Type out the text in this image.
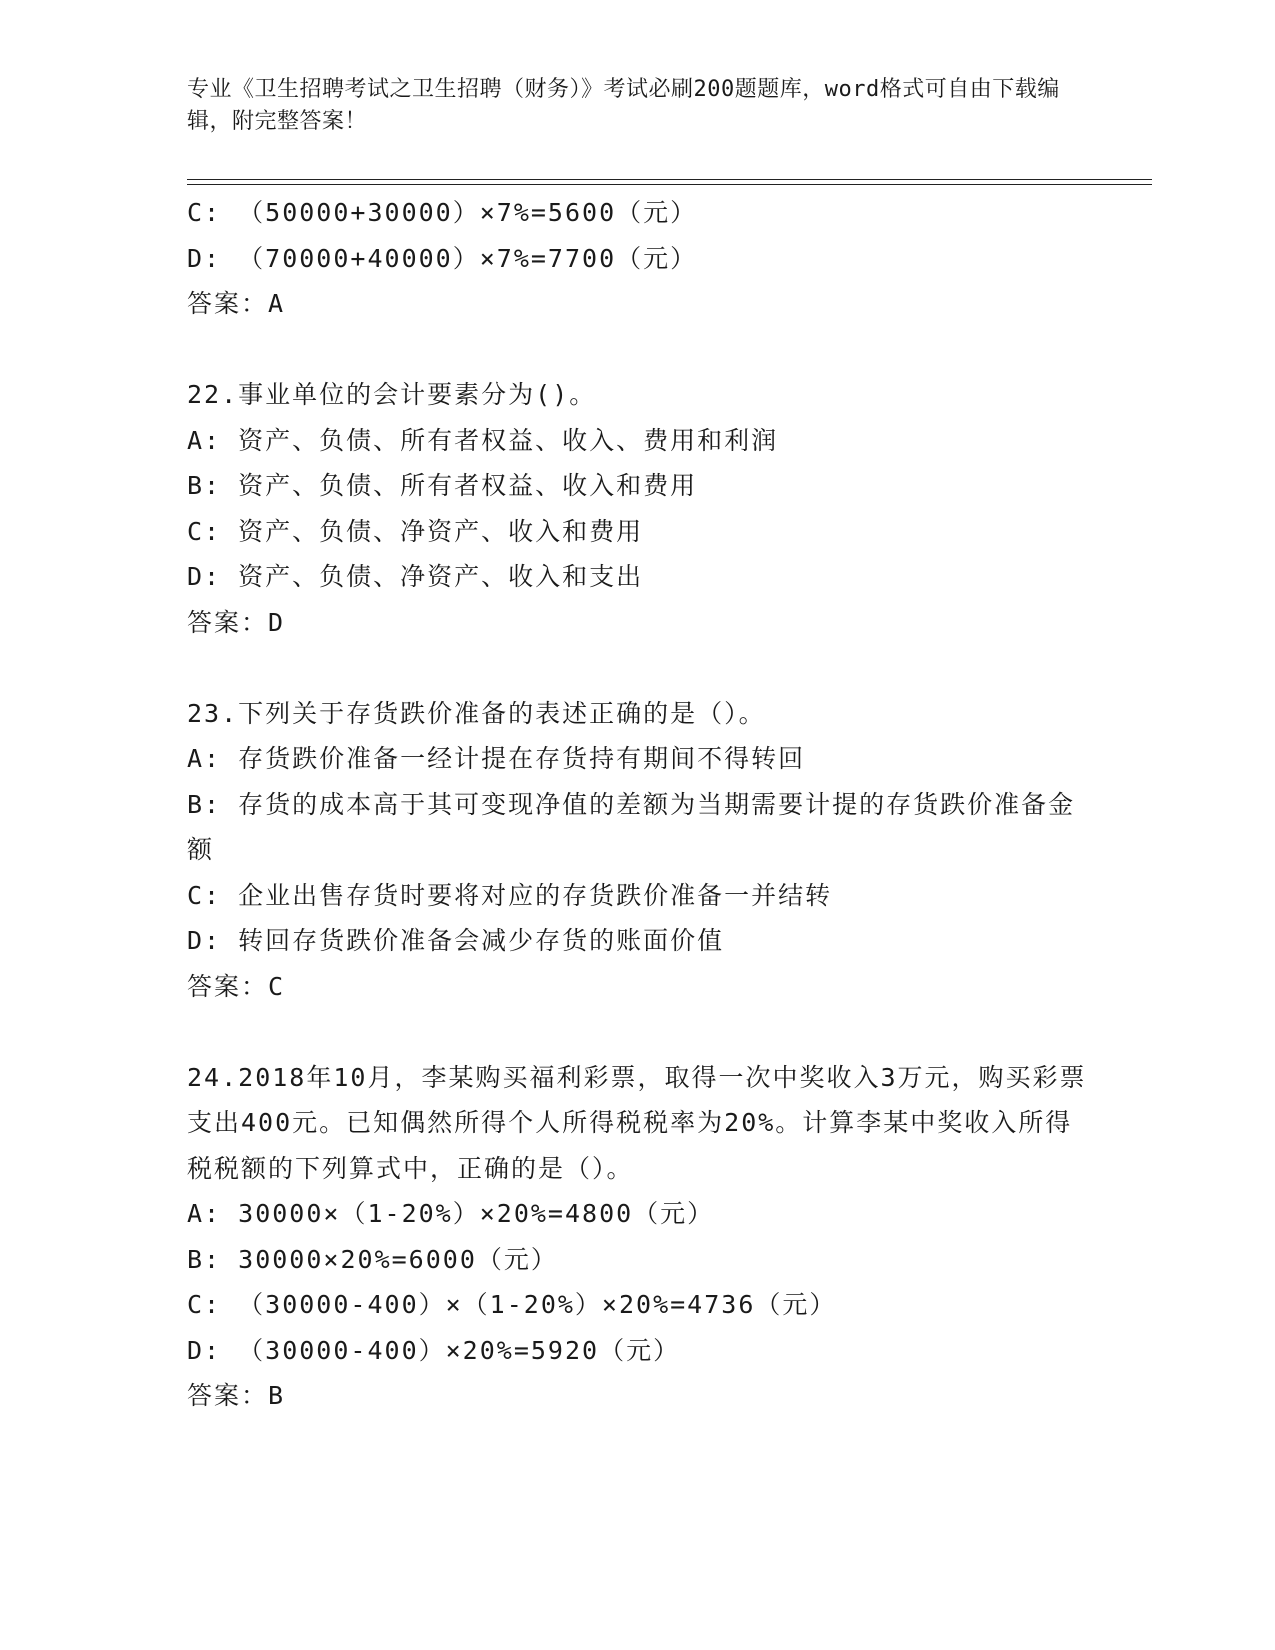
专业《卫生招聘考试之卫生招聘（财务）》考试必刷200题题库，word格式可自由下载编辑，附完整答案！
C: （50000+30000）×7%=5600（元）
D: （70000+40000）×7%=7700（元）
答案：A
22.事业单位的会计要素分为()。
A: 资产、负债、所有者权益、收入、费用和利润
B: 资产、负债、所有者权益、收入和费用
C: 资产、负债、净资产、收入和费用
D: 资产、负债、净资产、收入和支出
答案：D
23.下列关于存货跌价准备的表述正确的是（）。
A: 存货跌价准备一经计提在存货持有期间不得转回
B: 存货的成本高于其可变现净值的差额为当期需要计提的存货跌价准备金额
C: 企业出售存货时要将对应的存货跌价准备一并结转
D: 转回存货跌价准备会减少存货的账面价值
答案：C
24.2018年10月，李某购买福利彩票，取得一次中奖收入3万元，购买彩票支出400元。已知偶然所得个人所得税税率为20%。计算李某中奖收入所得税税额的下列算式中，正确的是（）。
A: 30000×（1-20%）×20%=4800（元）
B: 30000×20%=6000（元）
C: （30000-400）×（1-20%）×20%=4736（元）
D: （30000-400）×20%=5920（元）
答案：B
